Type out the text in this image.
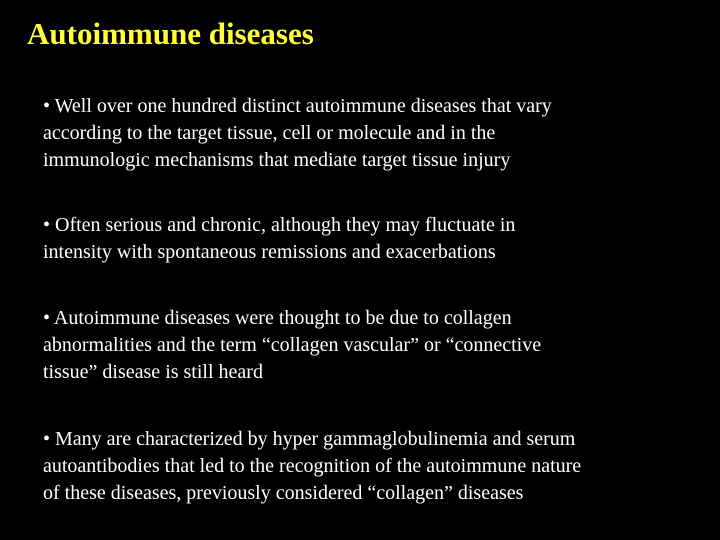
Autoimmune diseases

• Well over one hundred distinct autoimmune diseases that vary
according to the target tissue, cell or molecule and in the
immunologic mechanisms that mediate target tissue injury

• Often serious and chronic, although they may fluctuate in
intensity with spontaneous remissions and exacerbations

• Autoimmune diseases were thought to be due to collagen
abnormalities and the term “collagen vascular” or “connective
tissue” disease is still heard

• Many are characterized by hyper gammaglobulinemia and serum
autoantibodies that led to the recognition of the autoimmune nature
of these diseases, previously considered “collagen” diseases
